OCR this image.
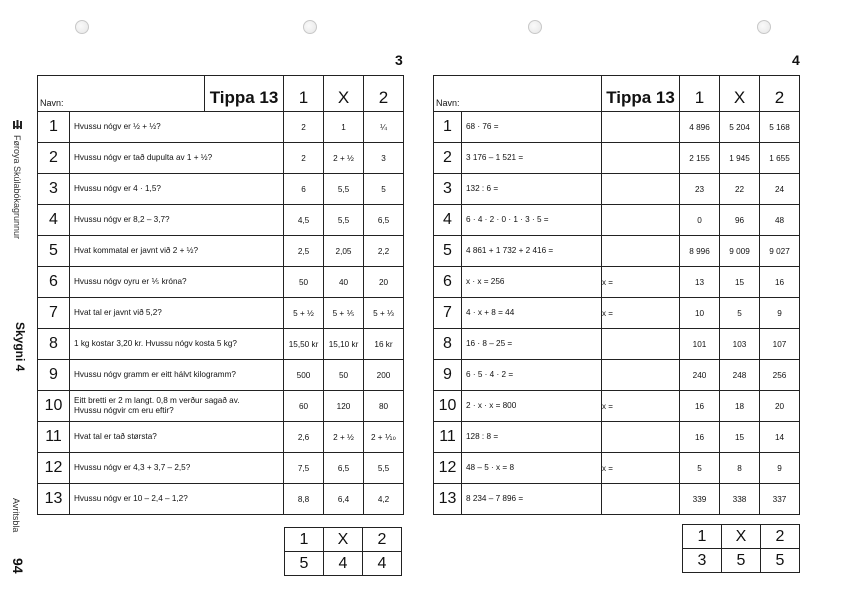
3	4
Føroya Skúlabókagrunnur
Skygni 4
Avritsbla
94
Navn:		Tippa 13	1	X	2
1	Hvussu nógv er ½ + ½?		2	1	¼
2	Hvussu nógv er tað dupulta av 1 + ½?		2	2 + ½	3
3	Hvussu nógv er 4 · 1,5?		6	5,5	5
4	Hvussu nógv er 8,2 – 3,7?		4,5	5,5	6,5
5	Hvat kommatal er javnt við 2 + ½?		2,5	2,05	2,2
6	Hvussu nógv oyru er ⅕ króna?		50	40	20
7	Hvat tal er javnt við 5,2?		5 + ½	5 + ⅕	5 + ⅓
8	1 kg kostar 3,20 kr. Hvussu nógv kosta 5 kg?		15,50 kr	15,10 kr	16 kr
9	Hvussu nógv gramm er eitt hálvt kilogramm?		500	50	200
10	Eitt bretti er 2 m langt. 0,8 m verður sagað av.
Hvussu nógvir cm eru eftir?		60	120	80
11	Hvat tal er tað størsta?		2,6	2 + ½	2 + ⅒
12	Hvussu nógv er 4,3 + 3,7 – 2,5?		7,5	6,5	5,5
13	Hvussu nógv er 10 – 2,4 – 1,2?		8,8	6,4	4,2
1	X	2
5	4	4
Navn:		Tippa 13	1	X	2
1	68 · 76 =		4 896	5 204	5 168
2	3 176 – 1 521 =		2 155	1 945	1 655
3	132 : 6 =		23	22	24
4	6 · 4 · 2 · 0 · 1 · 3 · 5 =		0	96	48
5	4 861 + 1 732 + 2 416 =		8 996	9 009	9 027
6	x · x = 256	x =	13	15	16
7	4 · x + 8 = 44	x =	10	5	9
8	16 · 8 – 25 =		101	103	107
9	6 · 5 · 4 · 2 =		240	248	256
10	2 · x · x = 800	x =	16	18	20
11	128 : 8 =		16	15	14
12	48 – 5 · x = 8	x =	5	8	9
13	8 234 – 7 896 =		339	338	337
1	X	2
3	5	5
